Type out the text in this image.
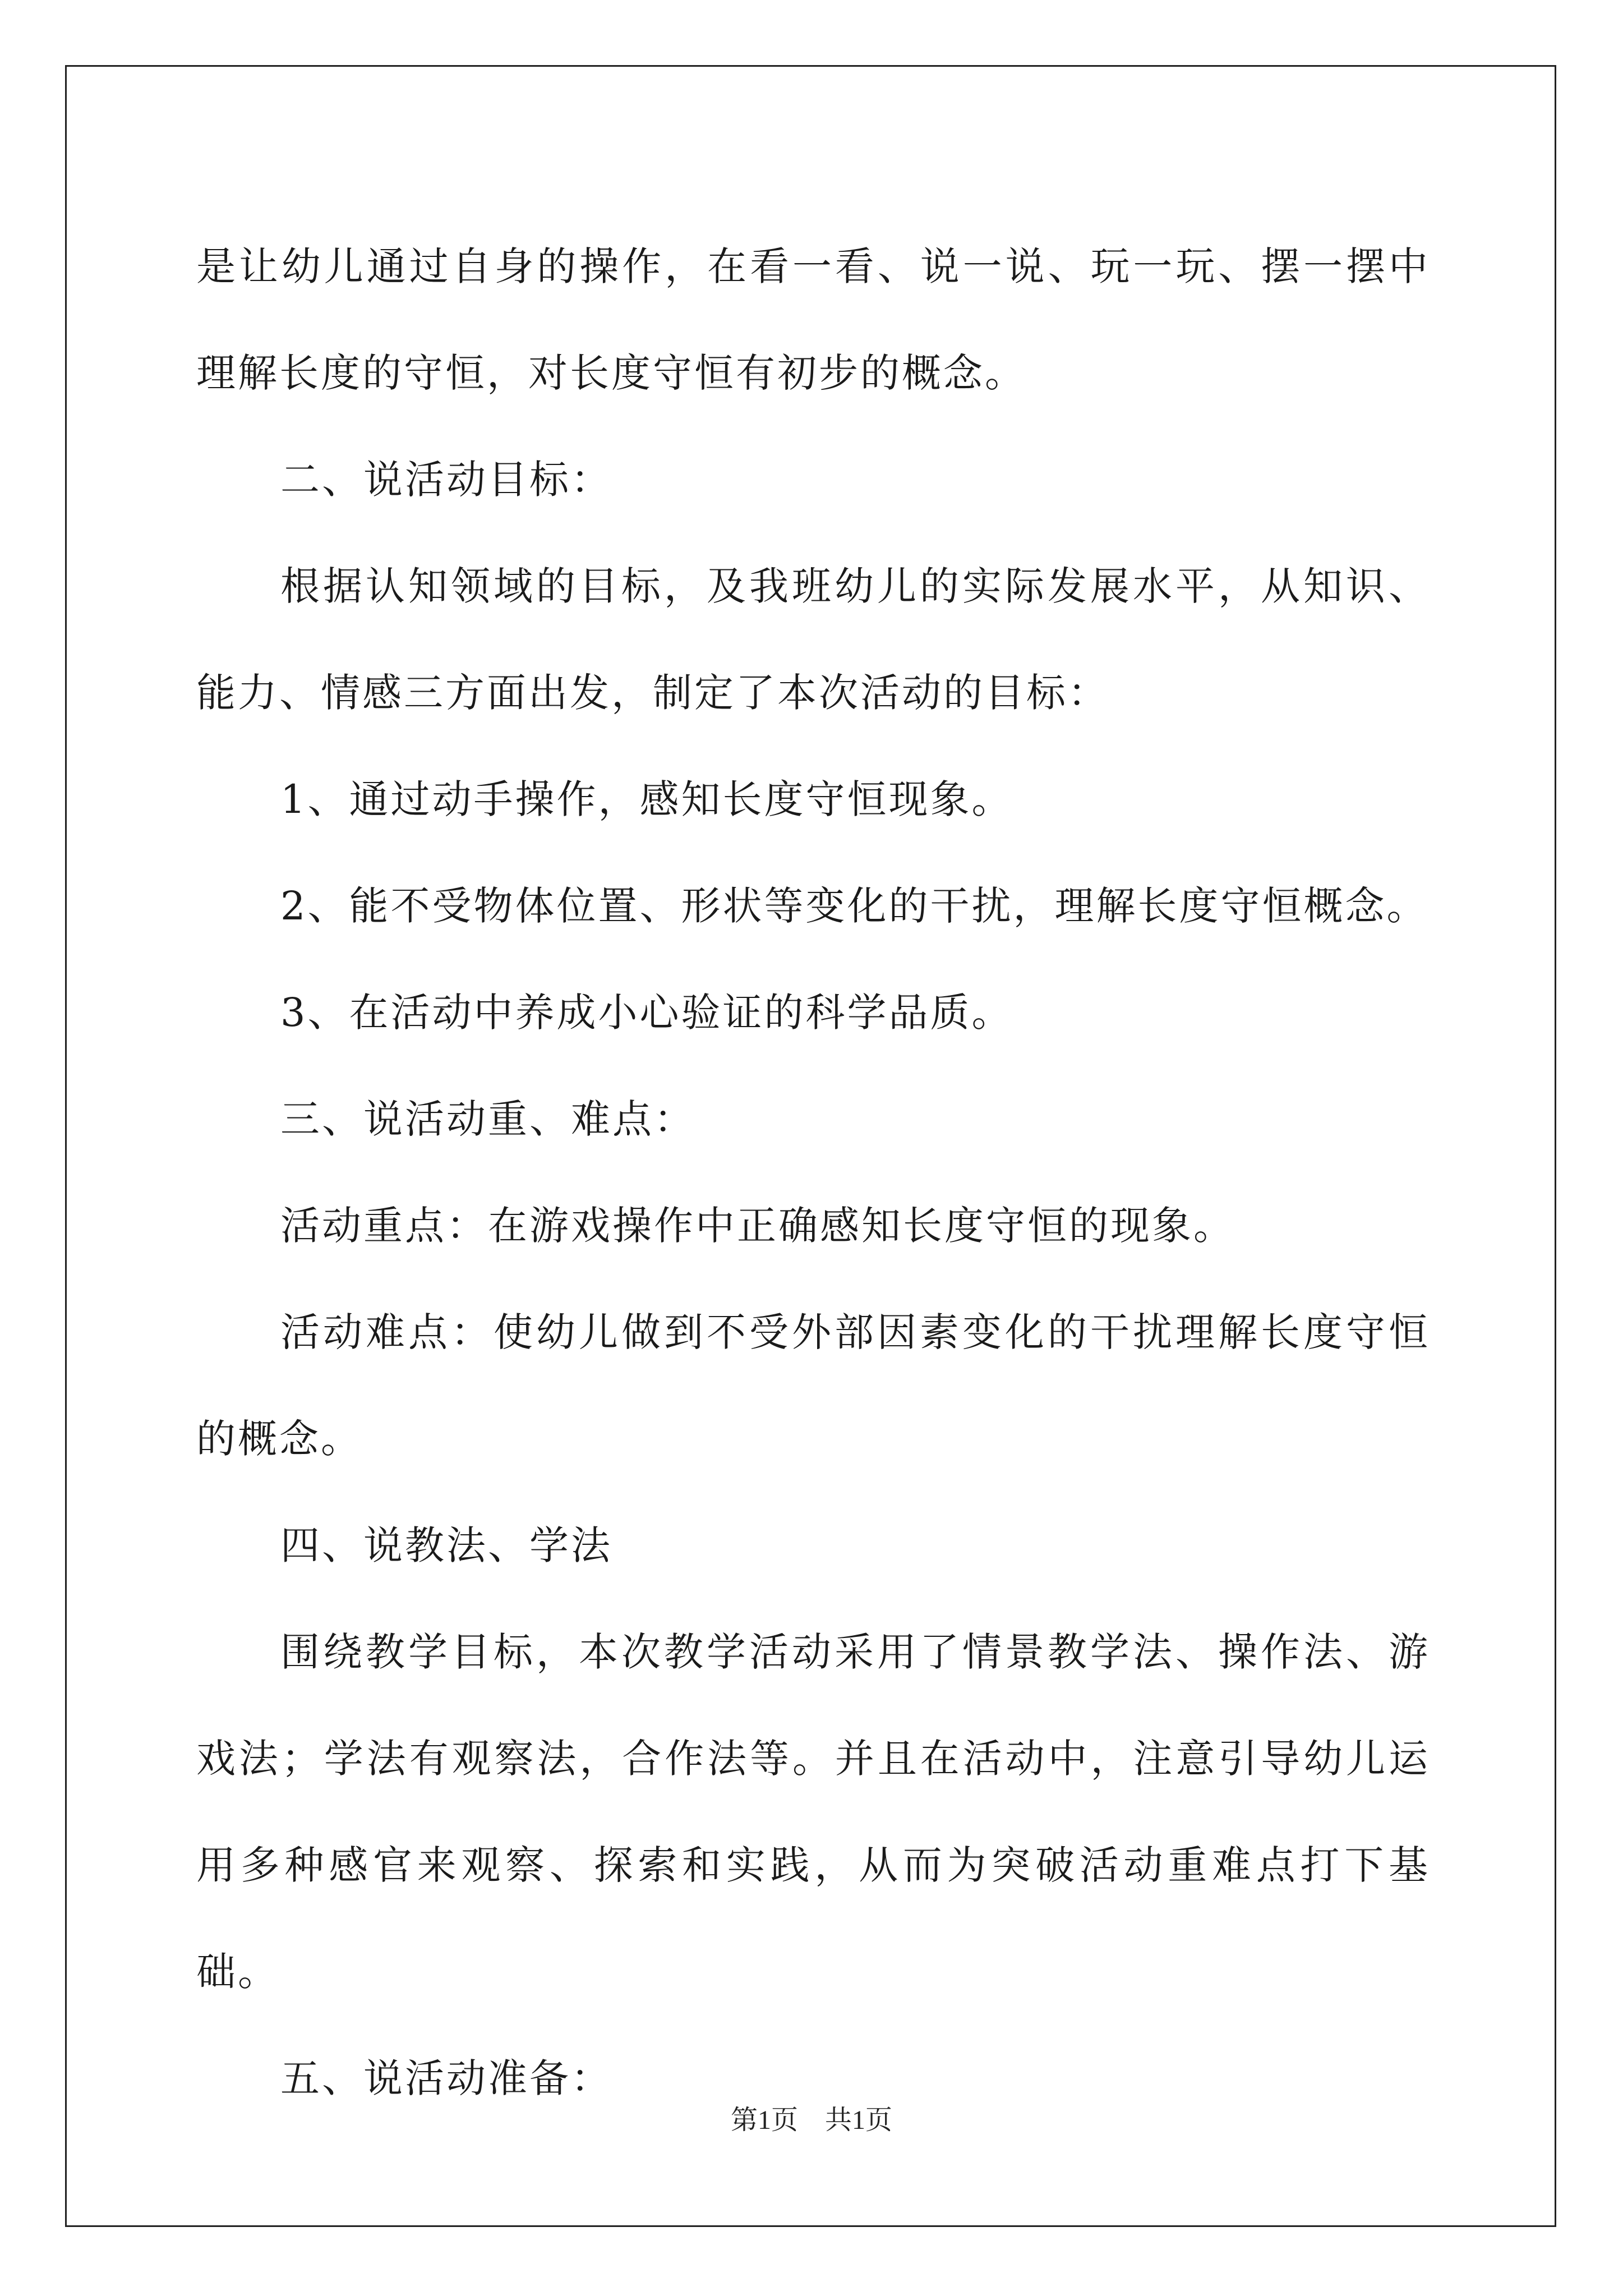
是让幼儿通过自身的操作，在看一看、说一说、玩一玩、摆一摆中理解长度的守恒，对长度守恒有初步的概念。

二、说活动目标：

根据认知领域的目标，及我班幼儿的实际发展水平，从知识、能力、情感三方面出发，制定了本次活动的目标：

1、通过动手操作，感知长度守恒现象。

2、能不受物体位置、形状等变化的干扰，理解长度守恒概念。

3、在活动中养成小心验证的科学品质。

三、说活动重、难点：

活动重点：在游戏操作中正确感知长度守恒的现象。

活动难点：使幼儿做到不受外部因素变化的干扰理解长度守恒的概念。

四、说教法、学法

围绕教学目标，本次教学活动采用了情景教学法、操作法、游戏法；学法有观察法，合作法等。并且在活动中，注意引导幼儿运用多种感官来观察、探索和实践，从而为突破活动重难点打下基础。

五、说活动准备：

第1页 共1页
